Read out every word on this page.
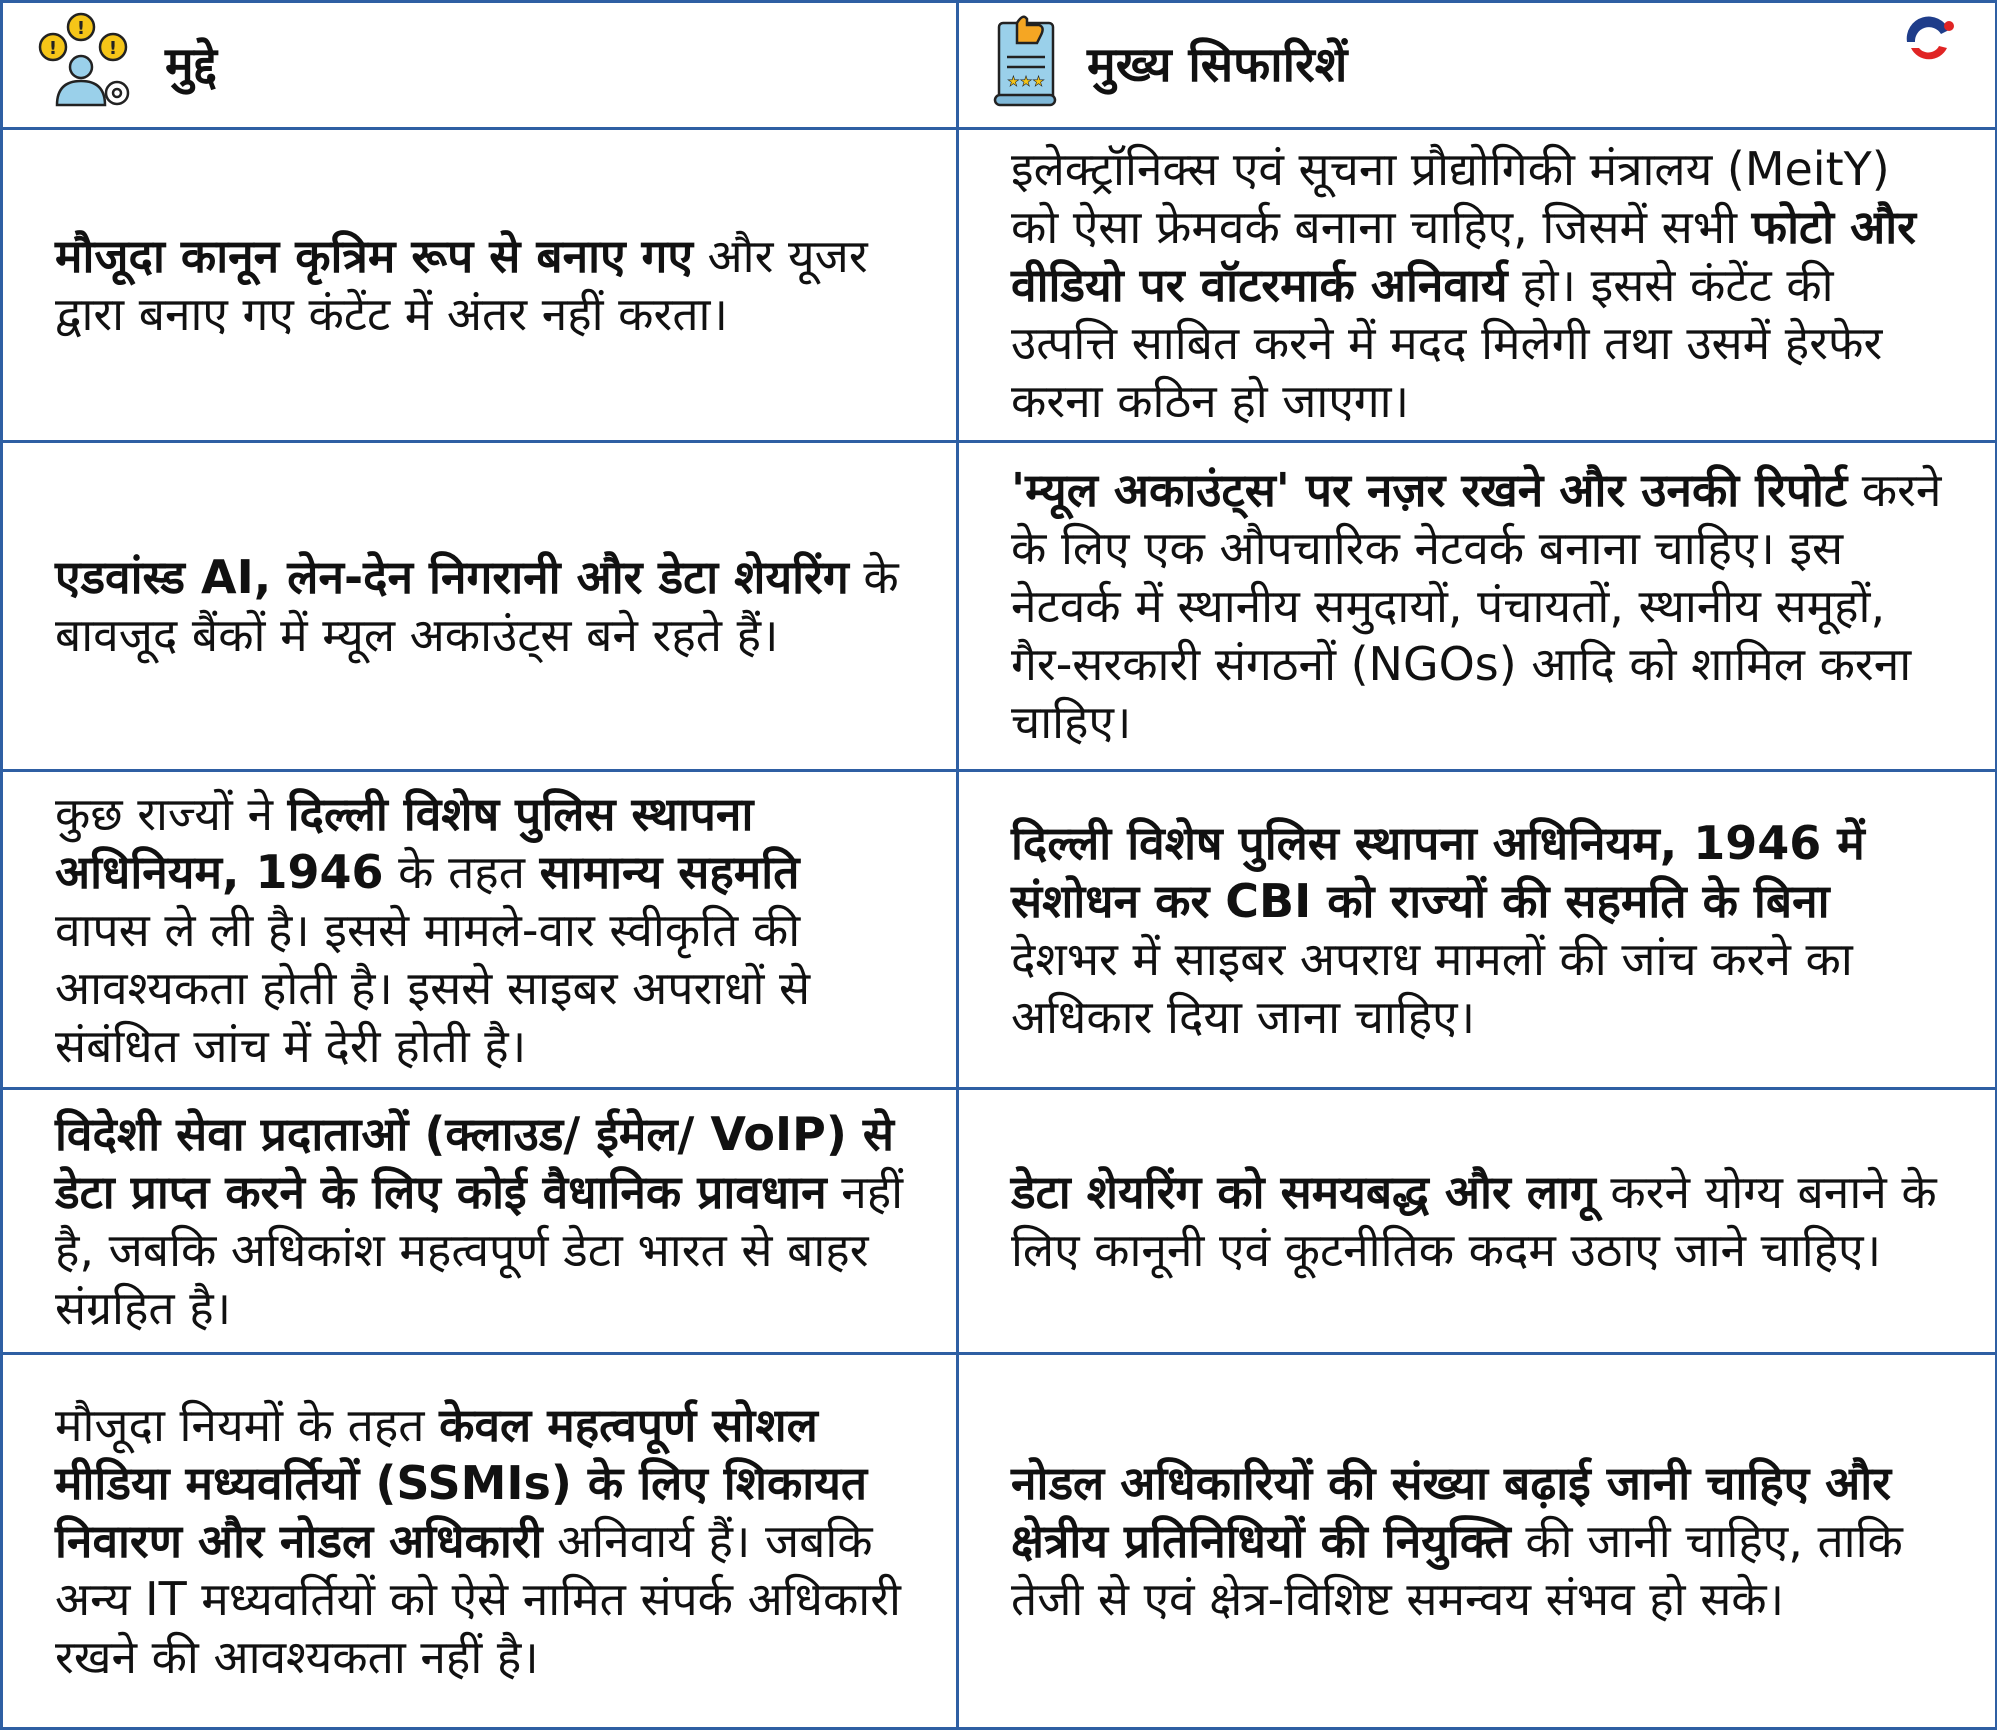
!
!
! मुद्दे	★★★ मुख्य सिफारिशें

मौजूदा कानून कृत्रिम रूप से बनाए गए और यूजर द्वारा बनाए गए कंटेंट में अंतर नहीं करता।	इलेक्ट्रॉनिक्स एवं सूचना प्रौद्योगिकी मंत्रालय (MeitY) को ऐसा फ्रेमवर्क बनाना चाहिए, जिसमें सभी फोटो और वीडियो पर वॉटरमार्क अनिवार्य हो। इससे कंटेंट की उत्पत्ति साबित करने में मदद मिलेगी तथा उसमें हेरफेर करना कठिन हो जाएगा।
एडवांस्ड AI, लेन-देन निगरानी और डेटा शेयरिंग के बावजूद बैंकों में म्यूल अकाउंट्स बने रहते हैं।	'म्यूल अकाउंट्स' पर नज़र रखने और उनकी रिपोर्ट करने के लिए एक औपचारिक नेटवर्क बनाना चाहिए। इस नेटवर्क में स्थानीय समुदायों, पंचायतों, स्थानीय समूहों, गैर-सरकारी संगठनों (NGOs) आदि को शामिल करना चाहिए।
कुछ राज्यों ने दिल्ली विशेष पुलिस स्थापना अधिनियम, 1946 के तहत सामान्य सहमति वापस ले ली है। इससे मामले-वार स्वीकृति की आवश्यकता होती है। इससे साइबर अपराधों से संबंधित जांच में देरी होती है।	दिल्ली विशेष पुलिस स्थापना अधिनियम, 1946 में संशोधन कर CBI को राज्यों की सहमति के बिना देशभर में साइबर अपराध मामलों की जांच करने का अधिकार दिया जाना चाहिए।
विदेशी सेवा प्रदाताओं (क्लाउड/ ईमेल/ VoIP) से डेटा प्राप्त करने के लिए कोई वैधानिक प्रावधान नहीं है, जबकि अधिकांश महत्वपूर्ण डेटा भारत से बाहर संग्रहित है।	डेटा शेयरिंग को समयबद्ध और लागू करने योग्य बनाने के लिए कानूनी एवं कूटनीतिक कदम उठाए जाने चाहिए।
मौजूदा नियमों के तहत केवल महत्वपूर्ण सोशल मीडिया मध्यवर्तियों (SSMIs) के लिए शिकायत निवारण और नोडल अधिकारी अनिवार्य हैं। जबकि अन्य IT मध्यवर्तियों को ऐसे नामित संपर्क अधिकारी रखने की आवश्यकता नहीं है।	नोडल अधिकारियों की संख्या बढ़ाई जानी चाहिए और क्षेत्रीय प्रतिनिधियों की नियुक्ति की जानी चाहिए, ताकि तेजी से एवं क्षेत्र-विशिष्ट समन्वय संभव हो सके।
